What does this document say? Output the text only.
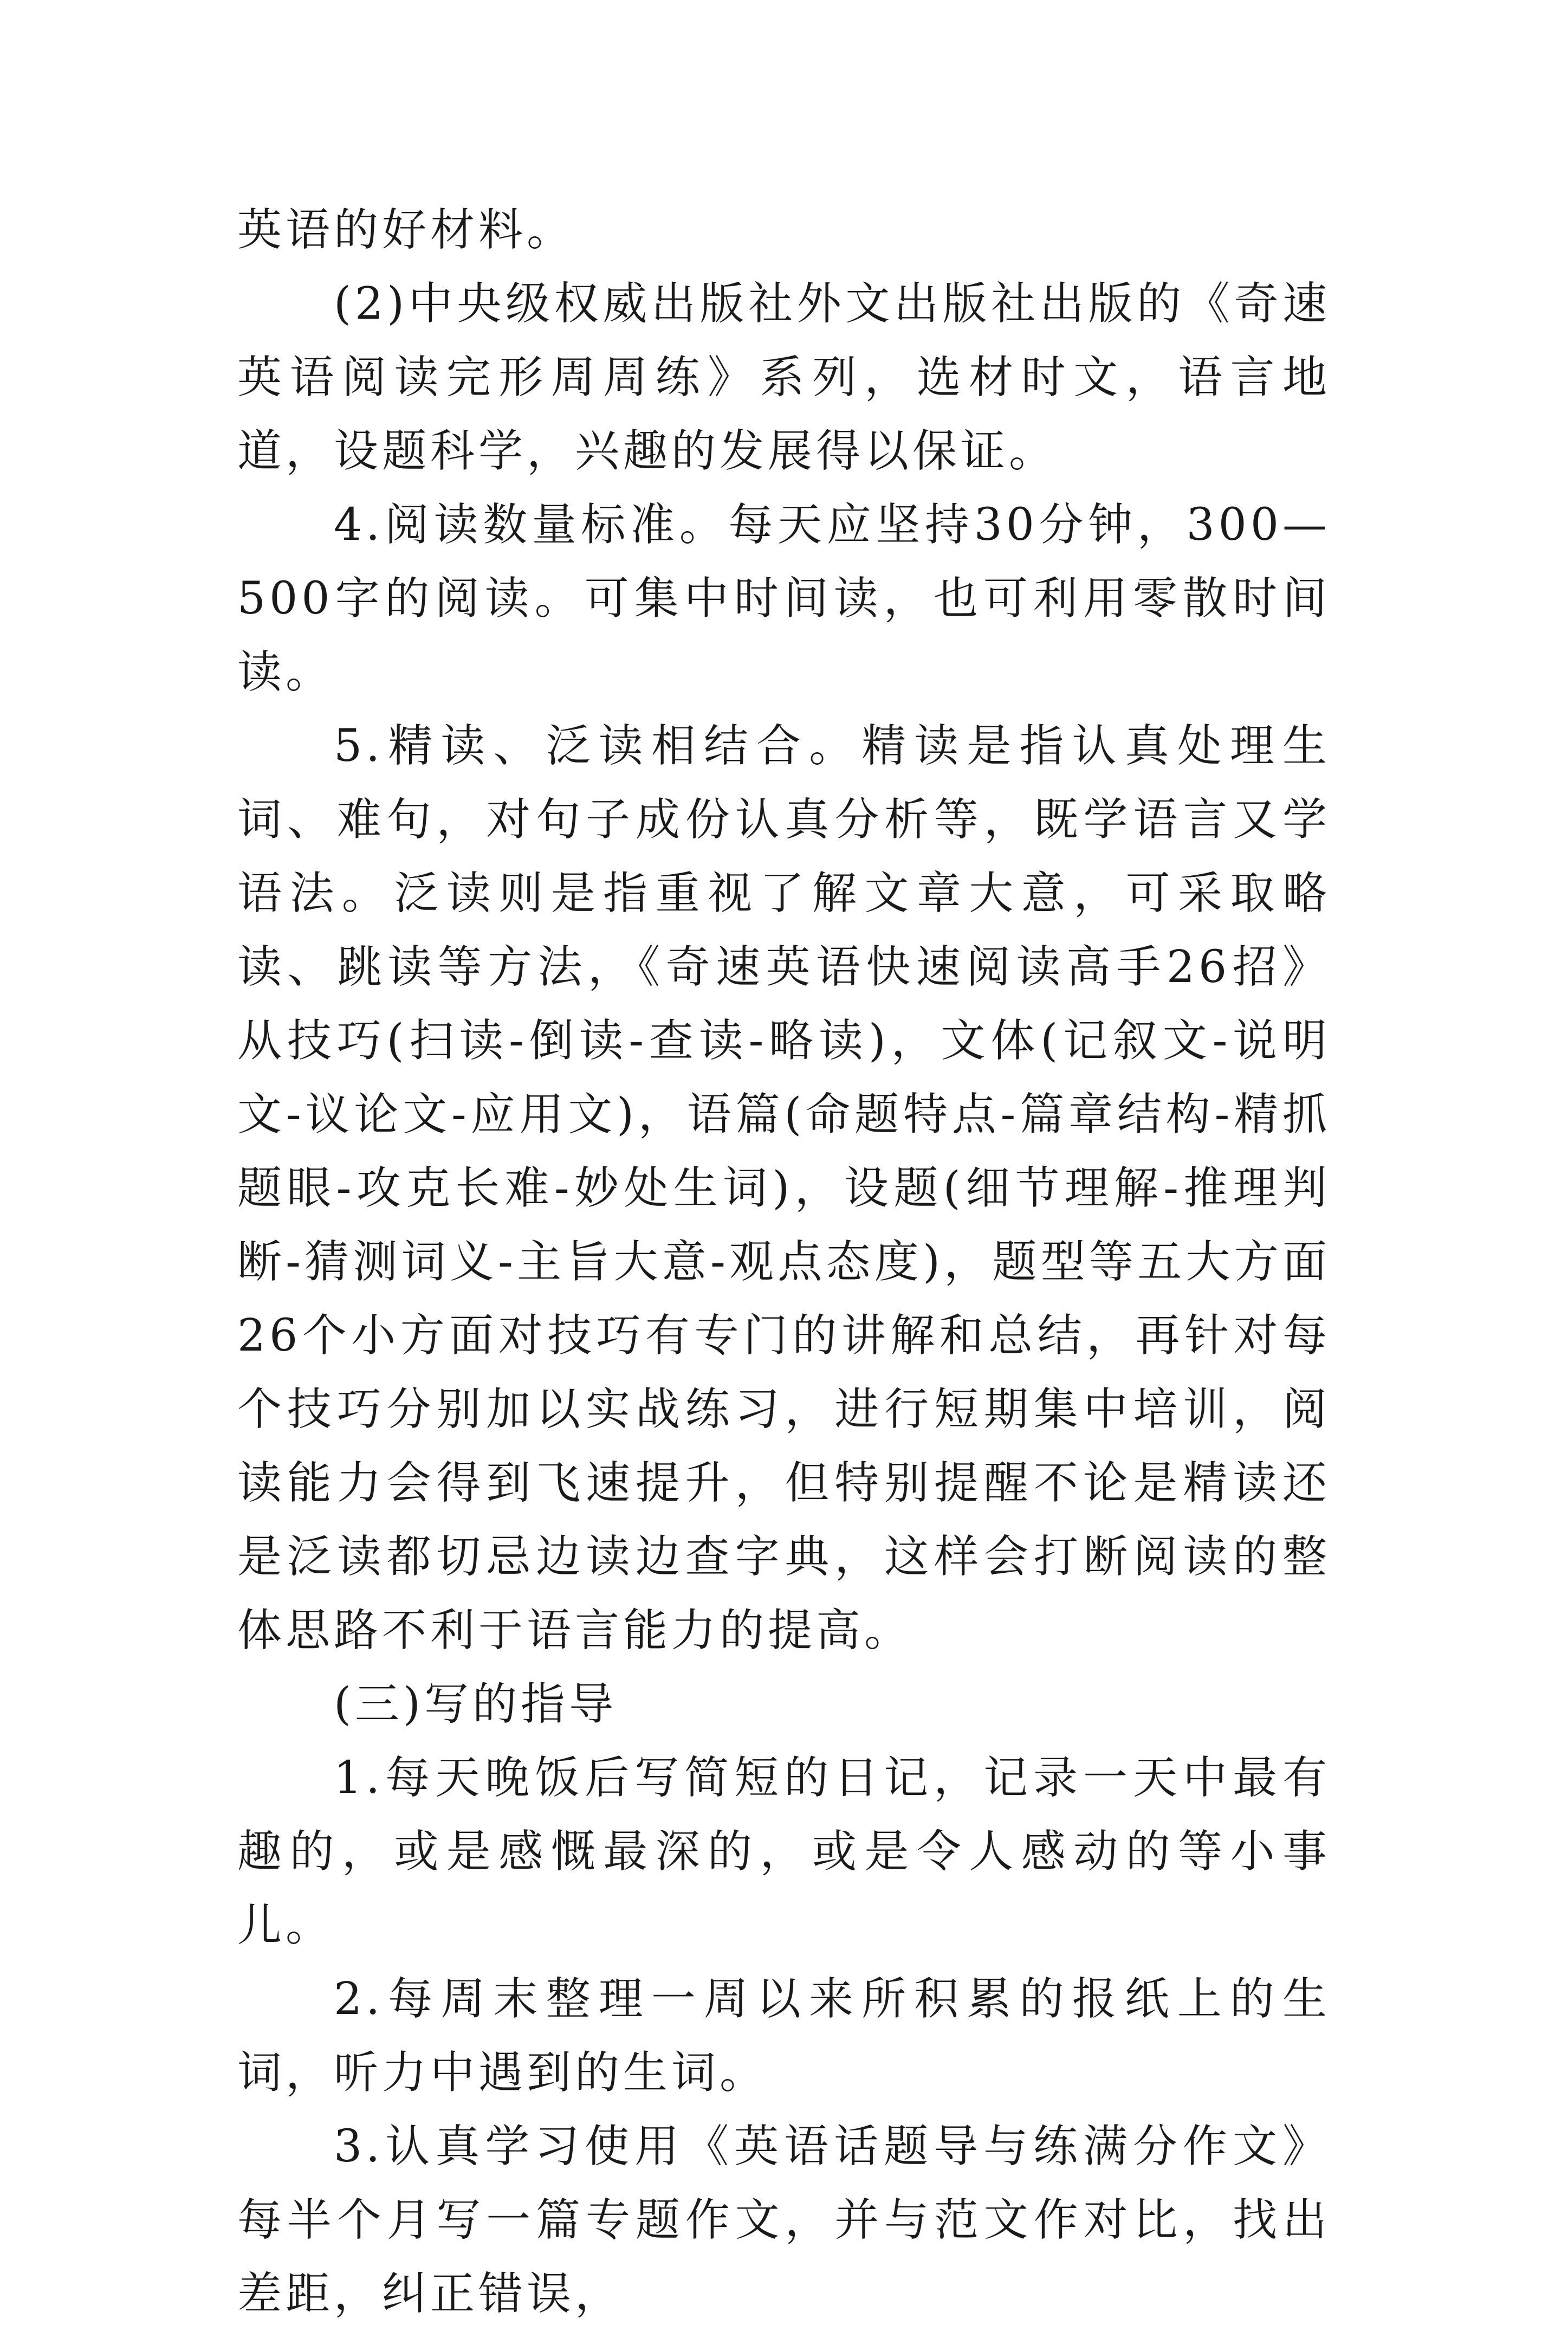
英语的好材料。

(2)中央级权威出版社外文出版社出版的《奇速英语阅读完形周周练》系列，选材时文，语言地道，设题科学，兴趣的发展得以保证。

4.阅读数量标准。每天应坚持30分钟，300—500字的阅读。可集中时间读，也可利用零散时间读。

5.精读、泛读相结合。精读是指认真处理生词、难句，对句子成份认真分析等，既学语言又学语法。泛读则是指重视了解文章大意，可采取略读、跳读等方法，《奇速英语快速阅读高手26招》从技巧(扫读-倒读-查读-略读)，文体(记叙文-说明文-议论文-应用文)，语篇(命题特点-篇章结构-精抓题眼-攻克长难-妙处生词)，设题(细节理解-推理判断-猜测词义-主旨大意-观点态度)，题型等五大方面26个小方面对技巧有专门的讲解和总结，再针对每个技巧分别加以实战练习，进行短期集中培训，阅读能力会得到飞速提升，但特别提醒不论是精读还是泛读都切忌边读边查字典，这样会打断阅读的整体思路不利于语言能力的提高。

(三)写的指导

1.每天晚饭后写简短的日记，记录一天中最有趣的，或是感慨最深的，或是令人感动的等小事儿。

2.每周末整理一周以来所积累的报纸上的生词，听力中遇到的生词。

3.认真学习使用《英语话题导与练满分作文》每半个月写一篇专题作文，并与范文作对比，找出差距，纠正错误，
